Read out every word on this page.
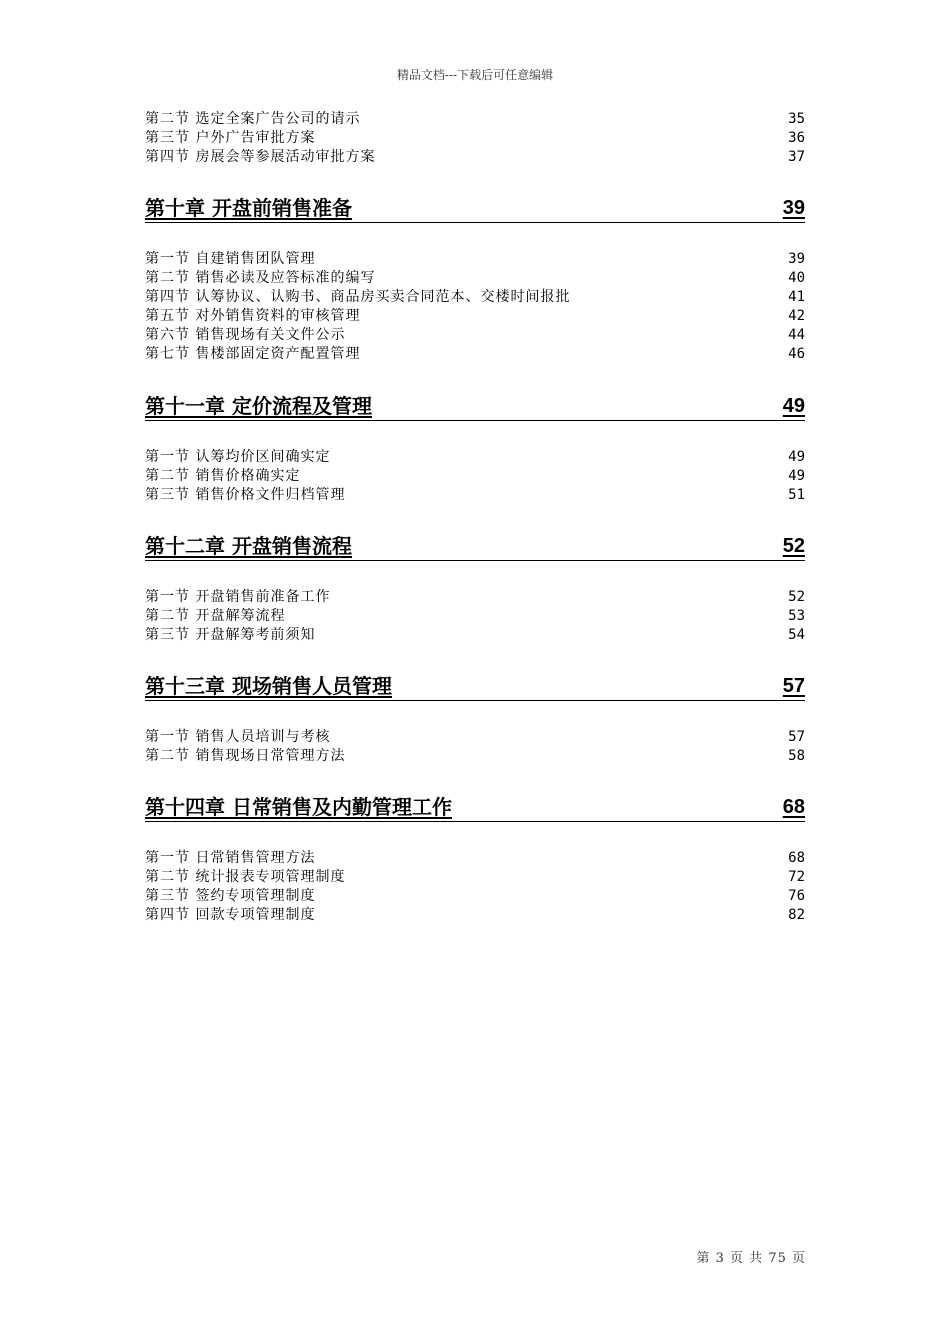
精品文档---下载后可任意编辑
第二节 选定全案广告公司的请示	35
第三节 户外广告审批方案	36
第四节 房展会等参展活动审批方案	37
第十章 开盘前销售准备	39
第一节 自建销售团队管理	39
第二节 销售必读及应答标准的编写	40
第四节 认筹协议、认购书、商品房买卖合同范本、交楼时间报批	41
第五节 对外销售资料的审核管理	42
第六节 销售现场有关文件公示	44
第七节 售楼部固定资产配置管理	46
第十一章 定价流程及管理	49
第一节 认筹均价区间确实定	49
第二节 销售价格确实定	49
第三节 销售价格文件归档管理	51
第十二章 开盘销售流程	52
第一节 开盘销售前准备工作	52
第二节 开盘解筹流程	53
第三节 开盘解筹考前须知	54
第十三章 现场销售人员管理	57
第一节 销售人员培训与考核	57
第二节 销售现场日常管理方法	58
第十四章 日常销售及内勤管理工作	68
第一节 日常销售管理方法	68
第二节 统计报表专项管理制度	72
第三节 签约专项管理制度	76
第四节 回款专项管理制度	82
第 3 页 共 75 页
